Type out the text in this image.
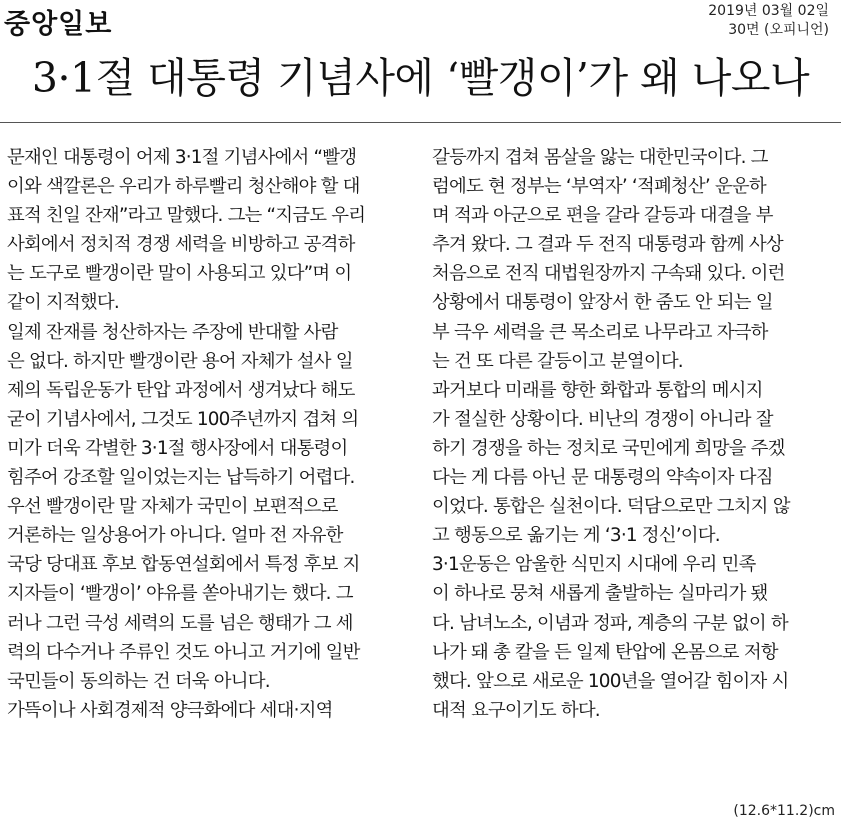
중앙일보	2019년 03월 02일
30면 (오피니언)
3·1절 대통령 기념사에 ‘빨갱이’가 왜 나오나
문재인 대통령이 어제 3·1절 기념사에서 “빨갱
이와 색깔론은 우리가 하루빨리 청산해야 할 대
표적 친일 잔재”라고 말했다. 그는 “지금도 우리
사회에서 정치적 경쟁 세력을 비방하고 공격하
는 도구로 빨갱이란 말이 사용되고 있다”며 이
같이 지적했다.
일제 잔재를 청산하자는 주장에 반대할 사람
은 없다. 하지만 빨갱이란 용어 자체가 설사 일
제의 독립운동가 탄압 과정에서 생겨났다 해도
굳이 기념사에서, 그것도 100주년까지 겹쳐 의
미가 더욱 각별한 3·1절 행사장에서 대통령이
힘주어 강조할 일이었는지는 납득하기 어렵다.
우선 빨갱이란 말 자체가 국민이 보편적으로
거론하는 일상용어가 아니다. 얼마 전 자유한
국당 당대표 후보 합동연설회에서 특정 후보 지
지자들이 ‘빨갱이’ 야유를 쏟아내기는 했다. 그
러나 그런 극성 세력의 도를 넘은 행태가 그 세
력의 다수거나 주류인 것도 아니고 거기에 일반
국민들이 동의하는 건 더욱 아니다.
가뜩이나 사회경제적 양극화에다 세대·지역
갈등까지 겹쳐 몸살을 앓는 대한민국이다. 그
럼에도 현 정부는 ‘부역자’ ‘적폐청산’ 운운하
며 적과 아군으로 편을 갈라 갈등과 대결을 부
추겨 왔다. 그 결과 두 전직 대통령과 함께 사상
처음으로 전직 대법원장까지 구속돼 있다. 이런
상황에서 대통령이 앞장서 한 줌도 안 되는 일
부 극우 세력을 큰 목소리로 나무라고 자극하
는 건 또 다른 갈등이고 분열이다.
과거보다 미래를 향한 화합과 통합의 메시지
가 절실한 상황이다. 비난의 경쟁이 아니라 잘
하기 경쟁을 하는 정치로 국민에게 희망을 주겠
다는 게 다름 아닌 문 대통령의 약속이자 다짐
이었다. 통합은 실천이다. 덕담으로만 그치지 않
고 행동으로 옮기는 게 ‘3·1 정신’이다.
3·1운동은 암울한 식민지 시대에 우리 민족
이 하나로 뭉쳐 새롭게 출발하는 실마리가 됐
다. 남녀노소, 이념과 정파, 계층의 구분 없이 하
나가 돼 총 칼을 든 일제 탄압에 온몸으로 저항
했다. 앞으로 새로운 100년을 열어갈 힘이자 시
대적 요구이기도 하다.
(12.6*11.2)cm
